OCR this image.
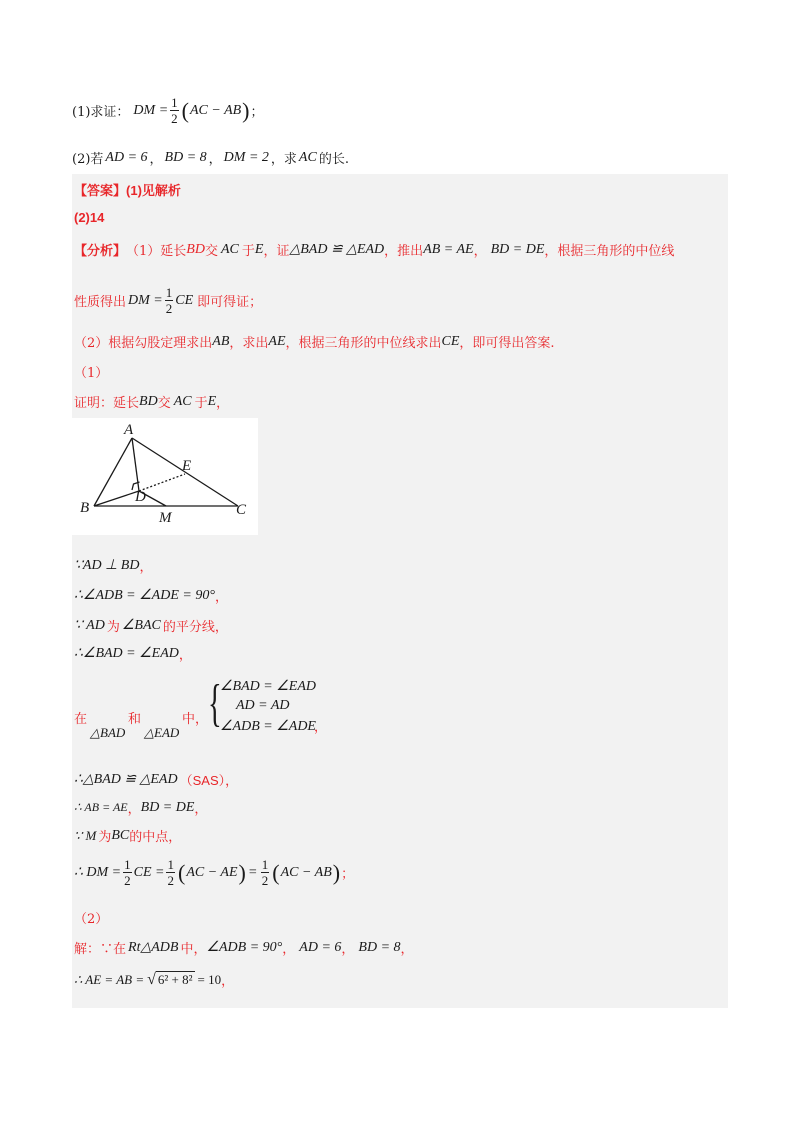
(1)求证： DM = $\frac{1}{2}$ ( AC − AB ) ；
(2)若 AD = 6 ， BD = 8 ， DM = 2 ，求 AC 的长.
【答案】 (1)见解析
(2)14
【分析】 （1）延长 BD 交 AC 于 E ，证 △BAD ≌ △EAD ，推出 AB = AE ， BD = DE ，根据三角形的中位线
性质得出 DM = $\frac{1}{2}$ CE 即可得证；
（2）根据勾股定理求出 AB ，求出 AE ，根据三角形的中位线求出 CE ，即可得出答案.
（1）
证明：延长 BD 交 AC 于 E ，
A
B	C
D
E
M
∵AD ⊥ BD ，
∴∠ADB = ∠ADE = 90° ，
∵ AD 为 ∠BAC 的平分线，
∴∠BAD = ∠EAD ，
在
△BAD
和
△EAD
中， {
∠BAD = ∠EAD
AD = AD
∠ADB = ∠ADE
，
∴△BAD ≌ △EAD （SAS），
∴ AB = AE ， BD = DE ，
∵ M 为 BC 的中点，
∴ DM = $\frac{1}{2}$ CE = $\frac{1}{2}$ ( AC − AE ) = $\frac{1}{2}$ ( AC − AB ) ；
（2）
解：∵在 Rt△ADB 中， ∠ADB = 90° ， AD = 6 ， BD = 8 ，
∴ AE = AB = √ 6² + 8² = 10 ，
